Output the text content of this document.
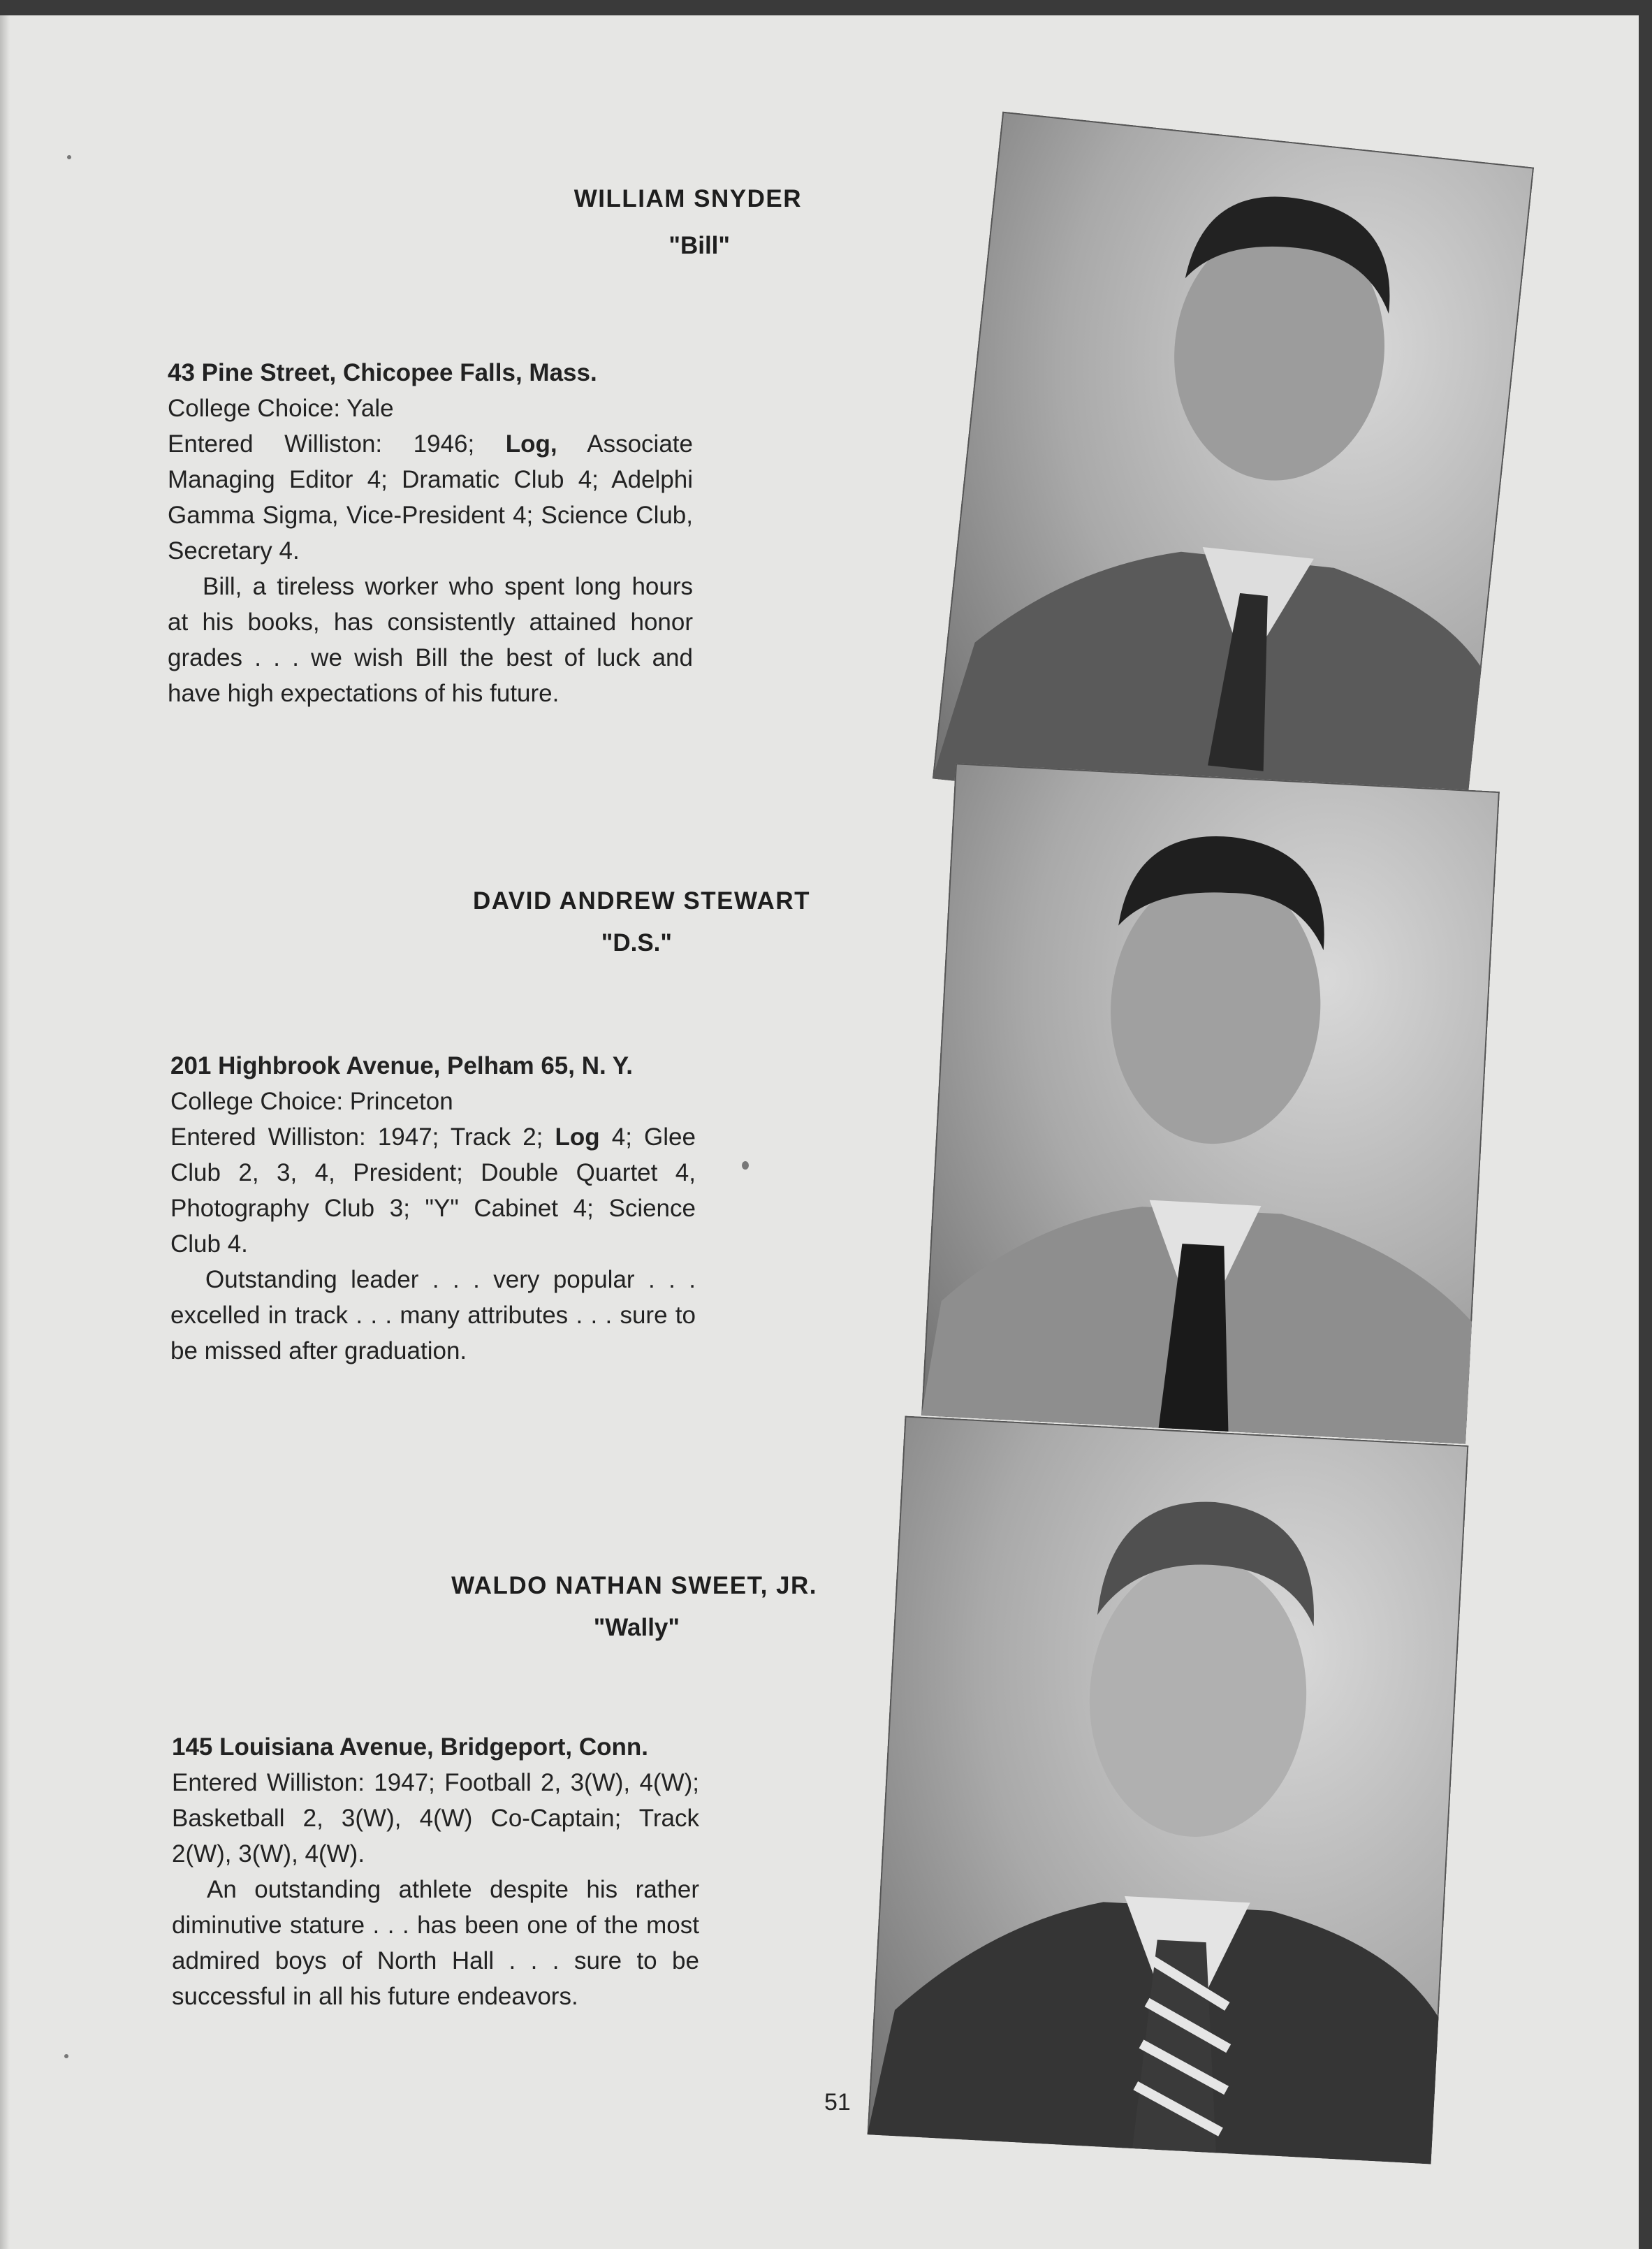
WILLIAM SNYDER

"Bill"

43 Pine Street, Chicopee Falls, Mass.
College Choice: Yale
Entered Williston: 1946; Log, Associate Managing Editor 4; Dramatic Club 4; Adelphi Gamma Sigma, Vice-President 4; Science Club, Secretary 4.
Bill, a tireless worker who spent long hours at his books, has consistently attained honor grades . . . we wish Bill the best of luck and have high expectations of his future.
DAVID ANDREW STEWART

"D.S."

201 Highbrook Avenue, Pelham 65, N. Y.
College Choice: Princeton
Entered Williston: 1947; Track 2; Log 4; Glee Club 2, 3, 4, President; Double Quartet 4, Photography Club 3; "Y" Cabinet 4; Science Club 4.
Outstanding leader . . . very popular . . . excelled in track . . . many attributes . . . sure to be missed after graduation.
WALDO NATHAN SWEET, JR.

"Wally"

145 Louisiana Avenue, Bridgeport, Conn.
Entered Williston: 1947; Football 2, 3(W), 4(W); Basketball 2, 3(W), 4(W) Co-Captain; Track 2(W), 3(W), 4(W).
An outstanding athlete despite his rather diminutive stature . . . has been one of the most admired boys of North Hall . . . sure to be successful in all his future endeavors.
51
